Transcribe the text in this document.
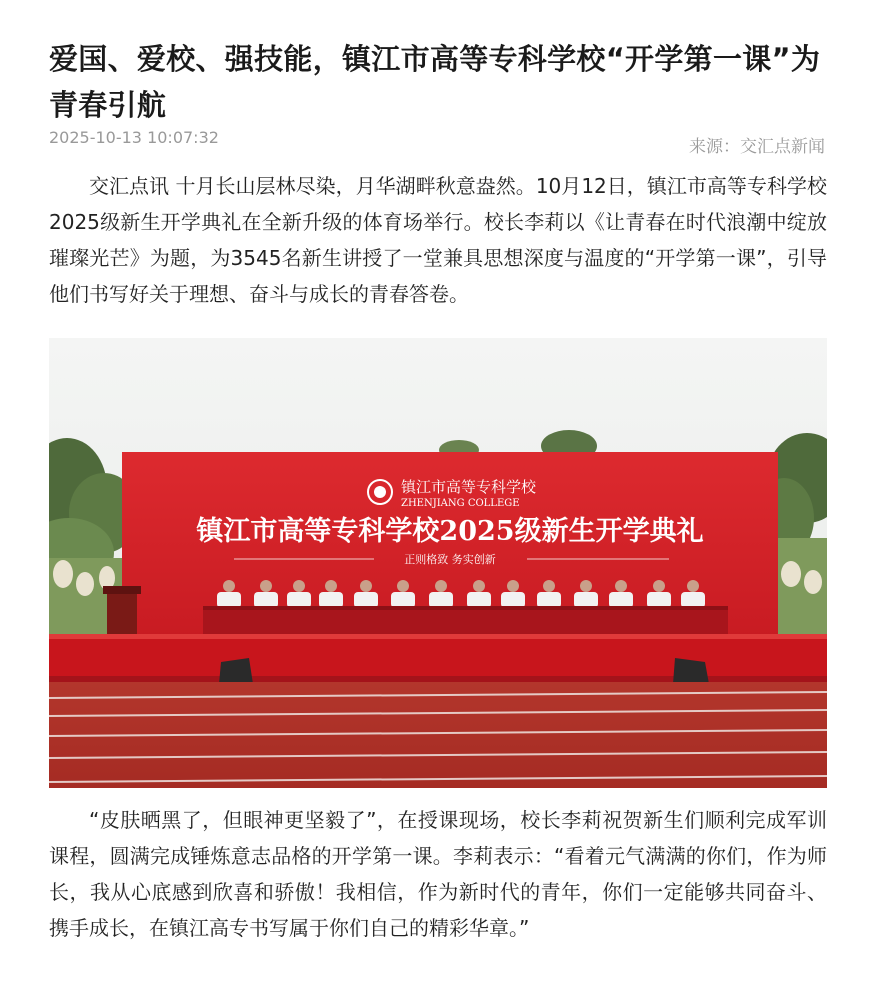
爱国、爱校、强技能，镇江市高等专科学校“开学第一课”为青春引航
2025-10-13 10:07:32	来源：交汇点新闻

交汇点讯 十月长山层林尽染，月华湖畔秋意盎然。10月12日，镇江市高等专科学校2025级新生开学典礼在全新升级的体育场举行。校长李莉以《让青春在时代浪潮中绽放璀璨光芒》为题，为3545名新生讲授了一堂兼具思想深度与温度的“开学第一课”，引导他们书写好关于理想、奋斗与成长的青春答卷。

镇江市高等专科学校
ZHENJIANG COLLEGE
镇江市高等专科学校2025级新生开学典礼
正则格致 务实创新

“皮肤晒黑了，但眼神更坚毅了”，在授课现场，校长李莉祝贺新生们顺利完成军训课程，圆满完成锤炼意志品格的开学第一课。李莉表示：“看着元气满满的你们，作为师长，我从心底感到欣喜和骄傲！我相信，作为新时代的青年，你们一定能够共同奋斗、携手成长，在镇江高专书写属于你们自己的精彩华章。”
